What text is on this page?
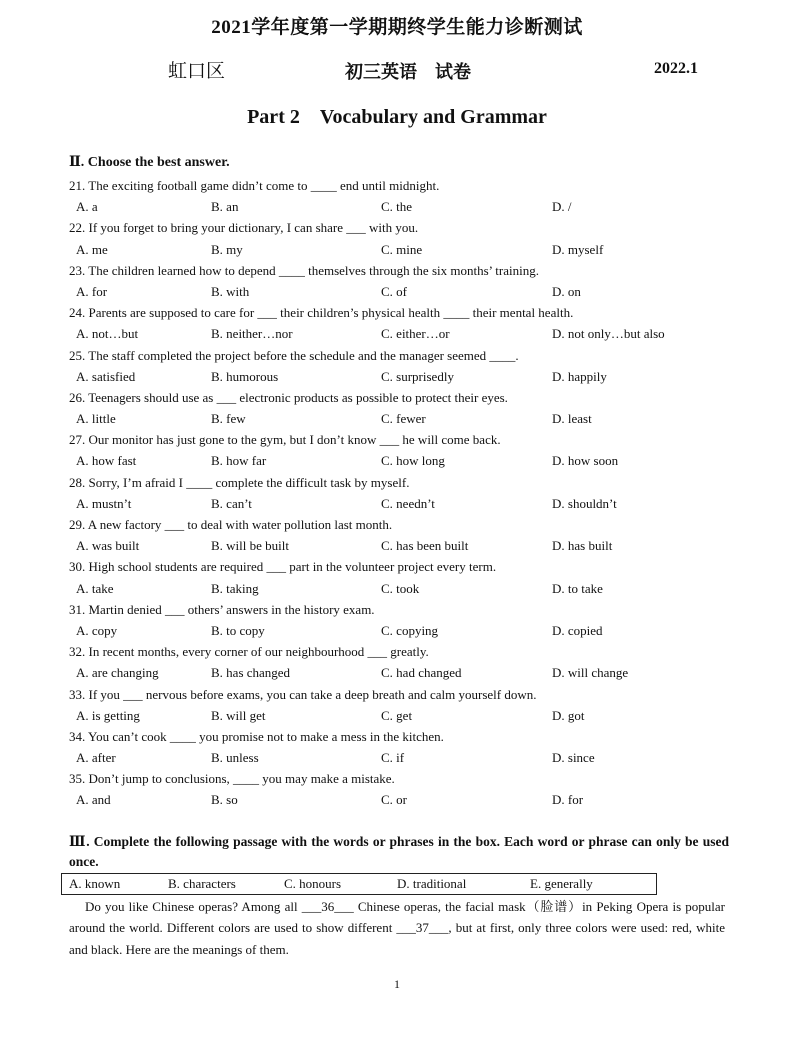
2021学年度第一学期期终学生能力诊断测试
虹口区	初三英语　试卷	2022.1
Part 2　Vocabulary and Grammar
Ⅱ. Choose the best answer.
21. The exciting football game didn’t come to ____ end until midnight.
A. a	B. an	C. the	D. /
22. If you forget to bring your dictionary, I can share ___ with you.
A. me	B. my	C. mine	D. myself
23. The children learned how to depend ____ themselves through the six months’ training.
A. for	B. with	C. of	D. on
24. Parents are supposed to care for ___ their children’s physical health ____ their mental health.
A. not…but	B. neither…nor	C. either…or	D. not only…but also
25. The staff completed the project before the schedule and the manager seemed ____.
A. satisfied	B. humorous	C. surprisedly	D. happily
26. Teenagers should use as ___ electronic products as possible to protect their eyes.
A. little	B. few	C. fewer	D. least
27. Our monitor has just gone to the gym, but I don’t know ___ he will come back.
A. how fast	B. how far	C. how long	D. how soon
28. Sorry, I’m afraid I ____ complete the difficult task by myself.
A. mustn’t	B. can’t	C. needn’t	D. shouldn’t
29. A new factory ___ to deal with water pollution last month.
A. was built	B. will be built	C. has been built	D. has built
30. High school students are required ___ part in the volunteer project every term.
A. take	B. taking	C. took	D. to take
31. Martin denied ___ others’ answers in the history exam.
A. copy	B. to copy	C. copying	D. copied
32. In recent months, every corner of our neighbourhood ___ greatly.
A. are changing	B. has changed	C. had changed	D. will change
33. If you ___ nervous before exams, you can take a deep breath and calm yourself down.
A. is getting	B. will get	C. get	D. got
34. You can’t cook ____ you promise not to make a mess in the kitchen.
A. after	B. unless	C. if	D. since
35. Don’t jump to conclusions, ____ you may make a mistake.
A. and	B. so	C. or	D. for
Ⅲ. Complete the following passage with the words or phrases in the box. Each word or phrase can only be used once.
A. known	B. characters	C. honours	D. traditional	E. generally

Do you like Chinese operas? Among all ___36___ Chinese operas, the facial mask（脸谱）in Peking Opera is popular around the world. Different colors are used to show different ___37___, but at first, only three colors were used: red, white and black. Here are the meanings of them.

1
